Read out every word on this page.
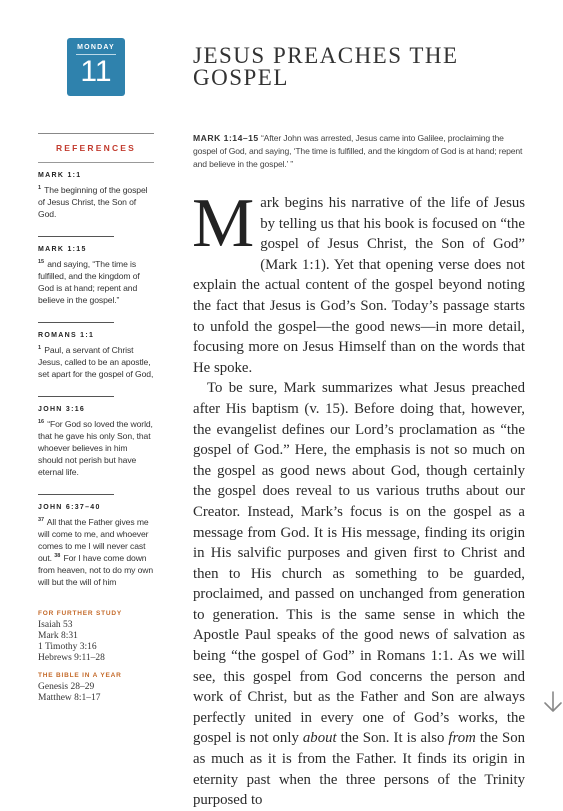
MONDAY
11	JESUS PREACHES THE GOSPEL
REFERENCES
MARK 1:1
$^1$ The beginning of the gospel of Jesus Christ, the Son of God.
MARK 1:15
$^{15}$ and saying, “The time is fulfilled, and the kingdom of God is at hand; repent and believe in the gospel.”
ROMANS 1:1
$^1$ Paul, a servant of Christ Jesus, called to be an apostle, set apart for the gospel of God,
JOHN 3:16
$^{16}$ “For God so loved the world, that he gave his only Son, that whoever believes in him should not perish but have eternal life.
JOHN 6:37–40
$^{37}$ All that the Father gives me will come to me, and whoever comes to me I will never cast out. $^{38}$ For I have come down from heaven, not to do my own will but the will of him
FOR FURTHER STUDY
Isaiah 53
Mark 8:31
1 Timothy 3:16
Hebrews 9:11–28
THE BIBLE IN A YEAR
Genesis 28–29
Matthew 8:1–17
MARK 1:14–15 “After John was arrested, Jesus came into Galilee, proclaiming the gospel of God, and saying, ‘The time is fulfilled, and the kingdom of God is at hand; repent and believe in the gospel.’ ”

Mark begins his narrative of the life of Jesus by telling us that his book is focused on “the gospel of Jesus Christ, the Son of God” (Mark 1:1). Yet that opening verse does not explain the actual content of the gospel beyond noting the fact that Jesus is God’s Son. Today’s passage starts to unfold the gospel—the good news—in more detail, focusing more on Jesus Himself than on the words that He spoke.

To be sure, Mark summarizes what Jesus preached after His baptism (v. 15). Before doing that, however, the evangelist defines our Lord’s proclamation as “the gospel of God.” Here, the emphasis is not so much on the gospel as good news about God, though certainly the gospel does reveal to us various truths about our Creator. Instead, Mark’s focus is on the gospel as a message from God. It is His message, finding its origin in His salvific purposes and given first to Christ and then to His church as something to be guarded, proclaimed, and passed on unchanged from generation to generation. This is the same sense in which the Apostle Paul speaks of the good news of salvation as being “the gospel of God” in Romans 1:1. As we will see, this gospel from God concerns the person and work of Christ, but as the Father and Son are always perfectly united in every one of God’s works, the gospel is not only about the Son. It is also from the Son as much as it is from the Father. It finds its origin in eternity past when the three persons of the Trinity purposed to
